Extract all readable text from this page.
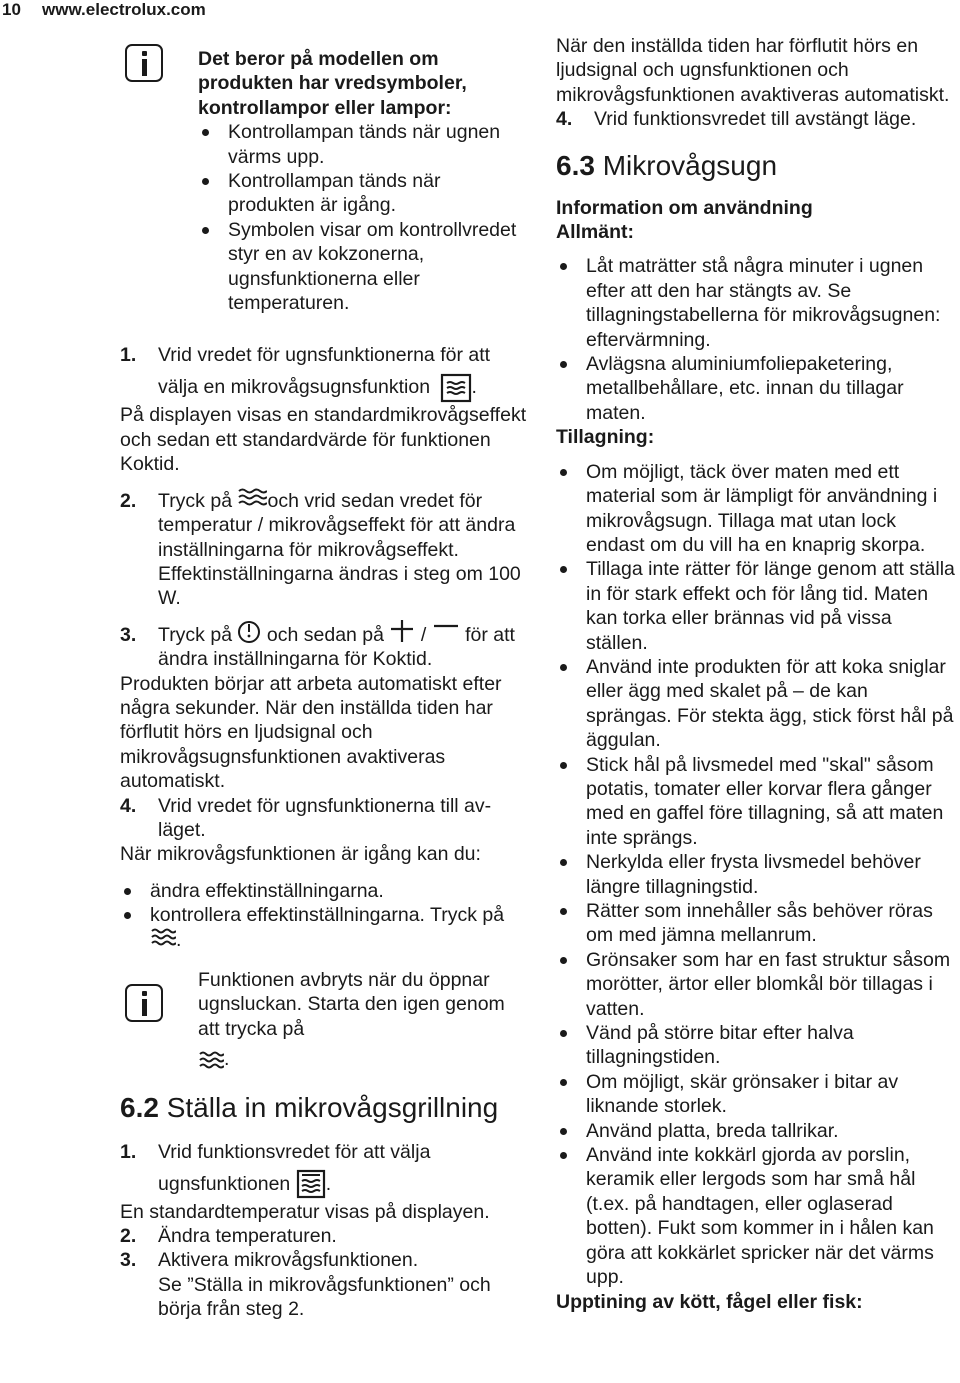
10 www.electrolux.com
Det beror på modellen om produkten har vredsymboler, kontrollampor eller lampor:
Kontrollampan tänds när ugnen värms upp.
Kontrollampan tänds när produkten är igång.
Symbolen visar om kontrollvredet styr en av kokzonerna, ugnsfunktionerna eller temperaturen.
1. Vrid vredet för ugnsfunktionerna för att välja en mikrovågsugnsfunktion .

På displayen visas en standardmikrovågseffekt och sedan ett standardvärde för funktionen Koktid.

2. Tryck på och vrid sedan vredet för temperatur / mikrovågseffekt för att ändra inställningarna för mikrovågseffekt. Effektinställningarna ändras i steg om 100 W.
3. Tryck på och sedan på / för att ändra inställningarna för Koktid.

Produkten börjar att arbeta automatiskt efter några sekunder. När den inställda tiden har förflutit hörs en ljudsignal och mikrovågsugnsfunktionen avaktiveras automatiskt.

4. Vrid vredet för ugnsfunktionerna till av-läget.

När mikrovågsfunktionen är igång kan du:

ändra effektinställningarna.
kontrollera effektinställningarna. Tryck på .
Funktionen avbryts när du öppnar ugnsluckan. Starta den igen genom att trycka på
.
6.2 Ställa in mikrovågsgrillning
1. Vrid funktionsvredet för att välja ugnsfunktionen .

En standardtemperatur visas på displayen.

2. Ändra temperaturen.
3. Aktivera mikrovågsfunktionen.
Se ”Ställa in mikrovågsfunktionen” och börja från steg 2.

När den inställda tiden har förflutit hörs en ljudsignal och ugnsfunktionen och mikrovågsfunktionen avaktiveras automatiskt.

4. Vrid funktionsvredet till avstängt läge.
6.3 Mikrovågsugn

Information om användning

Allmänt:

Låt maträtter stå några minuter i ugnen efter att den har stängts av. Se tillagningstabellerna för mikrovågsugnen: eftervärmning.
Avlägsna aluminiumfoliepaketering, metallbehållare, etc. innan du tillagar maten.

Tillagning:

Om möjligt, täck över maten med ett material som är lämpligt för användning i mikrovågsugn. Tillaga mat utan lock endast om du vill ha en knaprig skorpa.
Tillaga inte rätter för länge genom att ställa in för stark effekt och för lång tid. Maten kan torka eller brännas vid på vissa ställen.
Använd inte produkten för att koka sniglar eller ägg med skalet på – de kan sprängas. För stekta ägg, stick först hål på äggulan.
Stick hål på livsmedel med "skal" såsom potatis, tomater eller korvar flera gånger med en gaffel före tillagning, så att maten inte sprängs.
Nerkylda eller frysta livsmedel behöver längre tillagningstid.
Rätter som innehåller sås behöver röras om med jämna mellanrum.
Grönsaker som har en fast struktur såsom morötter, ärtor eller blomkål bör tillagas i vatten.
Vänd på större bitar efter halva tillagningstiden.
Om möjligt, skär grönsaker i bitar av liknande storlek.
Använd platta, breda tallrikar.
Använd inte kokkärl gjorda av porslin, keramik eller lergods som har små hål (t.ex. på handtagen, eller oglaserad botten). Fukt som kommer in i hålen kan göra att kokkärlet spricker när det värms upp.

Upptining av kött, fågel eller fisk:
